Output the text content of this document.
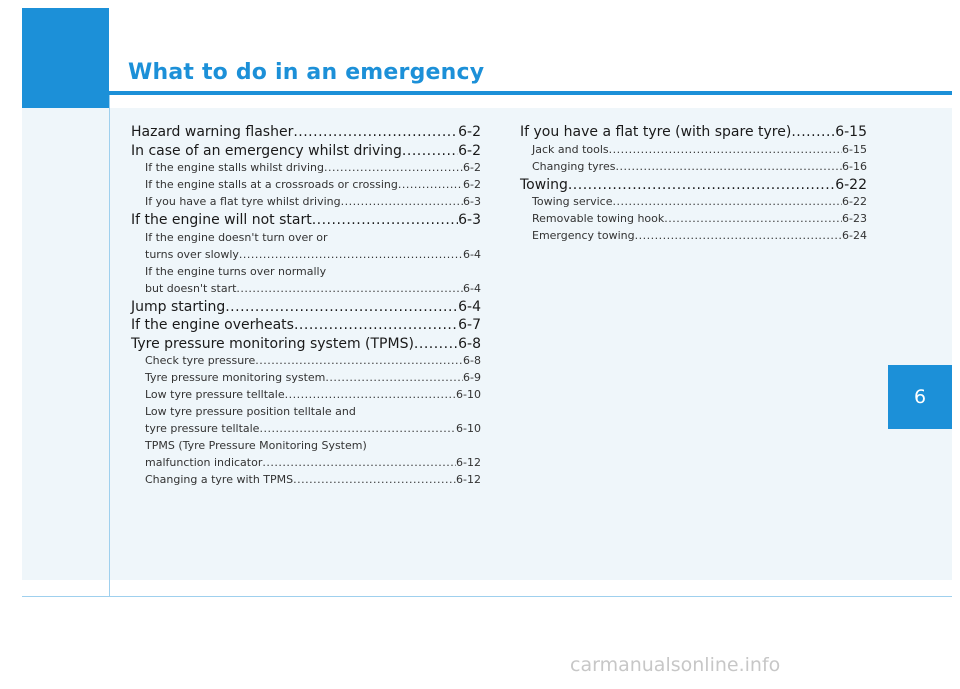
What to do in an emergency
6
Hazard warning flasher .....	6-2
In case of an emergency whilst driving .....	6-2
If the engine stalls whilst driving .....	6-2
If the engine stalls at a crossroads or crossing .....	6-2
If you have a flat tyre whilst driving .....	6-3
If the engine will not start .....	6-3
If the engine doesn't turn over or
turns over slowly .....	6-4
If the engine turns over normally
but doesn't start .....	6-4
Jump starting .....	6-4
If the engine overheats .....	6-7
Tyre pressure monitoring system (TPMS) .....	6-8
Check tyre pressure .....	6-8
Tyre pressure monitoring system .....	6-9
Low tyre pressure telltale .....	6-10
Low tyre pressure position telltale and
tyre pressure telltale .....	6-10
TPMS (Tyre Pressure Monitoring System)
malfunction indicator .....	6-12
Changing a tyre with TPMS .....	6-12
If you have a flat tyre (with spare tyre) .....	6-15
Jack and tools .....	6-15
Changing tyres .....	6-16
Towing .....	6-22
Towing service .....	6-22
Removable towing hook .....	6-23
Emergency towing .....	6-24
carmanualsonline.info
